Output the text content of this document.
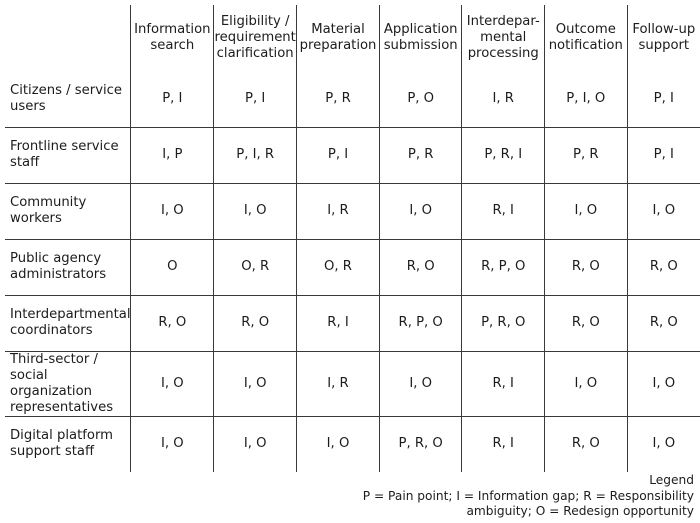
	Information search	Eligibility / requirement clarification	Material preparation	Application submission	Interdepar-mental processing	Outcome notification	Follow-up support
Citizens / service users	P, I	P, I	P, R	P, O	I, R	P, I, O	P, I
Frontline service staff	I, P	P, I, R	P, I	P, R	P, R, I	P, R	P, I
Community workers	I, O	I, O	I, R	I, O	R, I	I, O	I, O
Public agency administrators	O	O, R	O, R	R, O	R, P, O	R, O	R, O
Interdepartmental coordinators	R, O	R, O	R, I	R, P, O	P, R, O	R, O	R, O
Third-sector / social organization representatives	I, O	I, O	I, R	I, O	R, I	I, O	I, O
Digital platform support staff	I, O	I, O	I, O	P, R, O	R, I	R, O	I, O
Legend
P = Pain point; I = Information gap; R = Responsibility
ambiguity; O = Redesign opportunity
